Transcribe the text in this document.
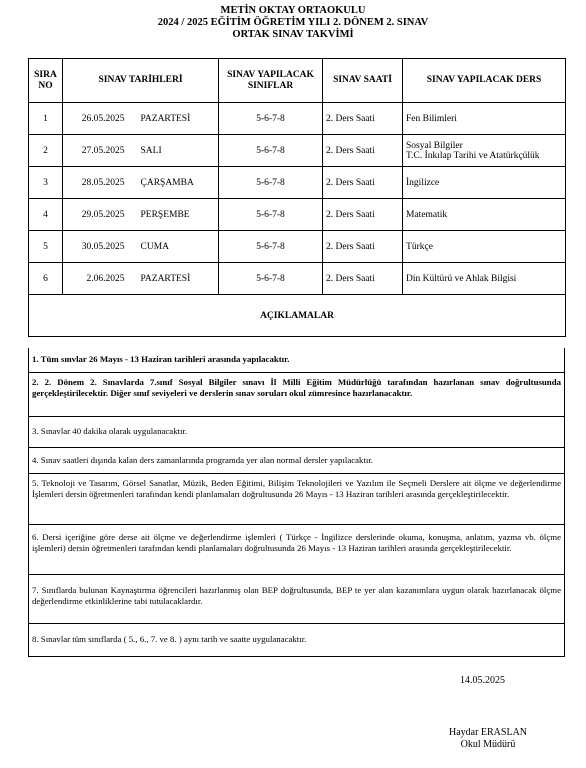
METİN OKTAY ORTAOKULU
2024 / 2025 EĞİTİM ÖĞRETİM YILI 2. DÖNEM 2. SINAV
ORTAK SINAV TAKVİMİ
SIRA NO	SINAV TARİHLERİ		SINAV YAPILACAK SINIFLAR	SINAV SAATİ	SINAV YAPILACAK DERS
1	26.05.2025	PAZARTESİ	5-6-7-8	2. Ders Saati	Fen Bilimleri
2	27.05.2025	SALI	5-6-7-8	2. Ders Saati	Sosyal Bilgiler
T.C. İnkılap Tarihi ve Atatürkçülük
3	28.05.2025	ÇARŞAMBA	5-6-7-8	2. Ders Saati	İngilizce
4	29.05.2025	PERŞEMBE	5-6-7-8	2. Ders Saati	Matematik
5	30.05.2025	CUMA	5-6-7-8	2. Ders Saati	Türkçe
6	2.06.2025	PAZARTESİ	5-6-7-8	2. Ders Saati	Din Kültürü ve Ahlak Bilgisi
AÇIKLAMALAR					
1. Tüm sınvlar 26 Mayıs - 13 Haziran tarihleri arasında yapılacaktır.
2. 2. Dönem 2. Sınavlarda 7.sınıf Sosyal Bilgiler sınavı İl Milli Eğitim Müdürlüğü tarafından hazırlanan sınav doğrultusunda gerçekleştirilecektir. Diğer sınıf seviyeleri ve derslerin sınav soruları okul zümresince hazırlanacaktır.
3. Sınavlar 40 dakika olarak uygulanacaktır.
4. Sınav saatleri dışında kalan ders zamanlarında programda yer alan normal dersler yapılacaktır.
5. Teknoloji ve Tasarım, Görsel Sanatlar, Müzik, Beden Eğitimi, Bilişim Teknolojileri ve Yazılım ile Seçmeli Derslere ait ölçme ve değerlendirme İşlemleri dersin öğretmenleri tarafından kendi planlamaları doğrultusunda 26 Mayıs - 13 Haziran tarihleri arasında gerçekleştirilecektir.
6. Dersi içeriğine göre derse ait ölçme ve değerlendirme işlemleri ( Türkçe - İngilizce derslerinde okuma, konuşma, anlatım, yazma vb. ölçme işlemleri) dersin öğretmenleri tarafından kendi planlamaları doğrultusunda 26 Mayıs - 13 Haziran tarihleri arasında gerçekleştirilecektir.
7. Sınıflarda bulunan Kaynaştırma öğrencileri hazırlanmış olan BEP doğrultusunda, BEP te yer alan kazanımlara uygun olarak hazırlanacak ölçme değerlendirme etkinliklerine tabi tutulacaklardır.
8. Sınavlar tüm sınıflarda ( 5., 6., 7. ve 8. ) aynı tarih ve saatte uygulanacaktır.
14.05.2025
Haydar ERASLAN
Okul Müdürü
